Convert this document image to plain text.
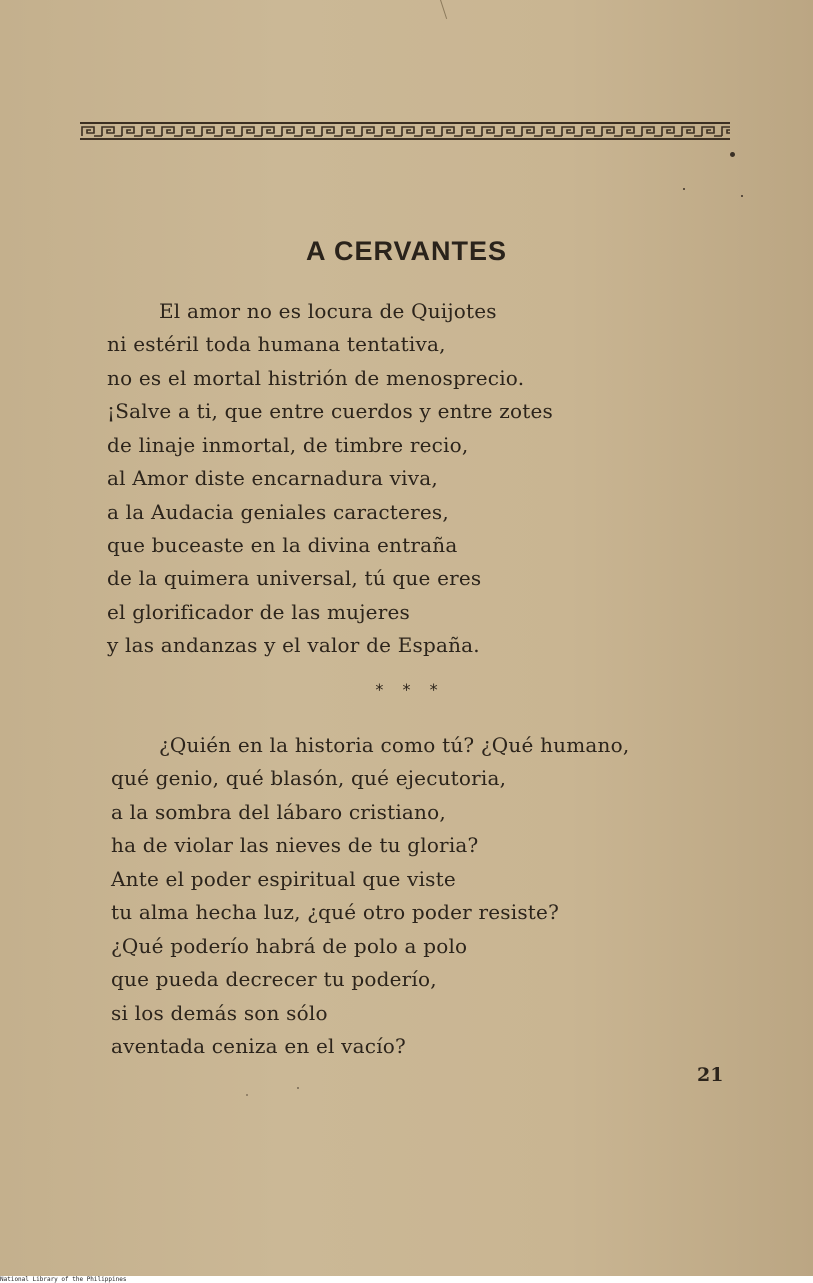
A CERVANTES
El amor no es locura de Quijotes
ni estéril toda humana tentativa,
no es el mortal histrión de menosprecio.
¡Salve a ti, que entre cuerdos y entre zotes
de linaje inmortal, de timbre recio,
al Amor diste encarnadura viva,
a la Audacia geniales caracteres,
que buceaste en la divina entraña
de la quimera universal, tú que eres
el glorificador de las mujeres
y las andanzas y el valor de España.
* * *
¿Quién en la historia como tú? ¿Qué humano,
qué genio, qué blasón, qué ejecutoria,
a la sombra del lábaro cristiano,
ha de violar las nieves de tu gloria?
Ante el poder espiritual que viste
tu alma hecha luz, ¿qué otro poder resiste?
¿Qué poderío habrá de polo a polo
que pueda decrecer tu poderío,
si los demás son sólo
aventada ceniza en el vacío?
21
National Library of the Philippines
